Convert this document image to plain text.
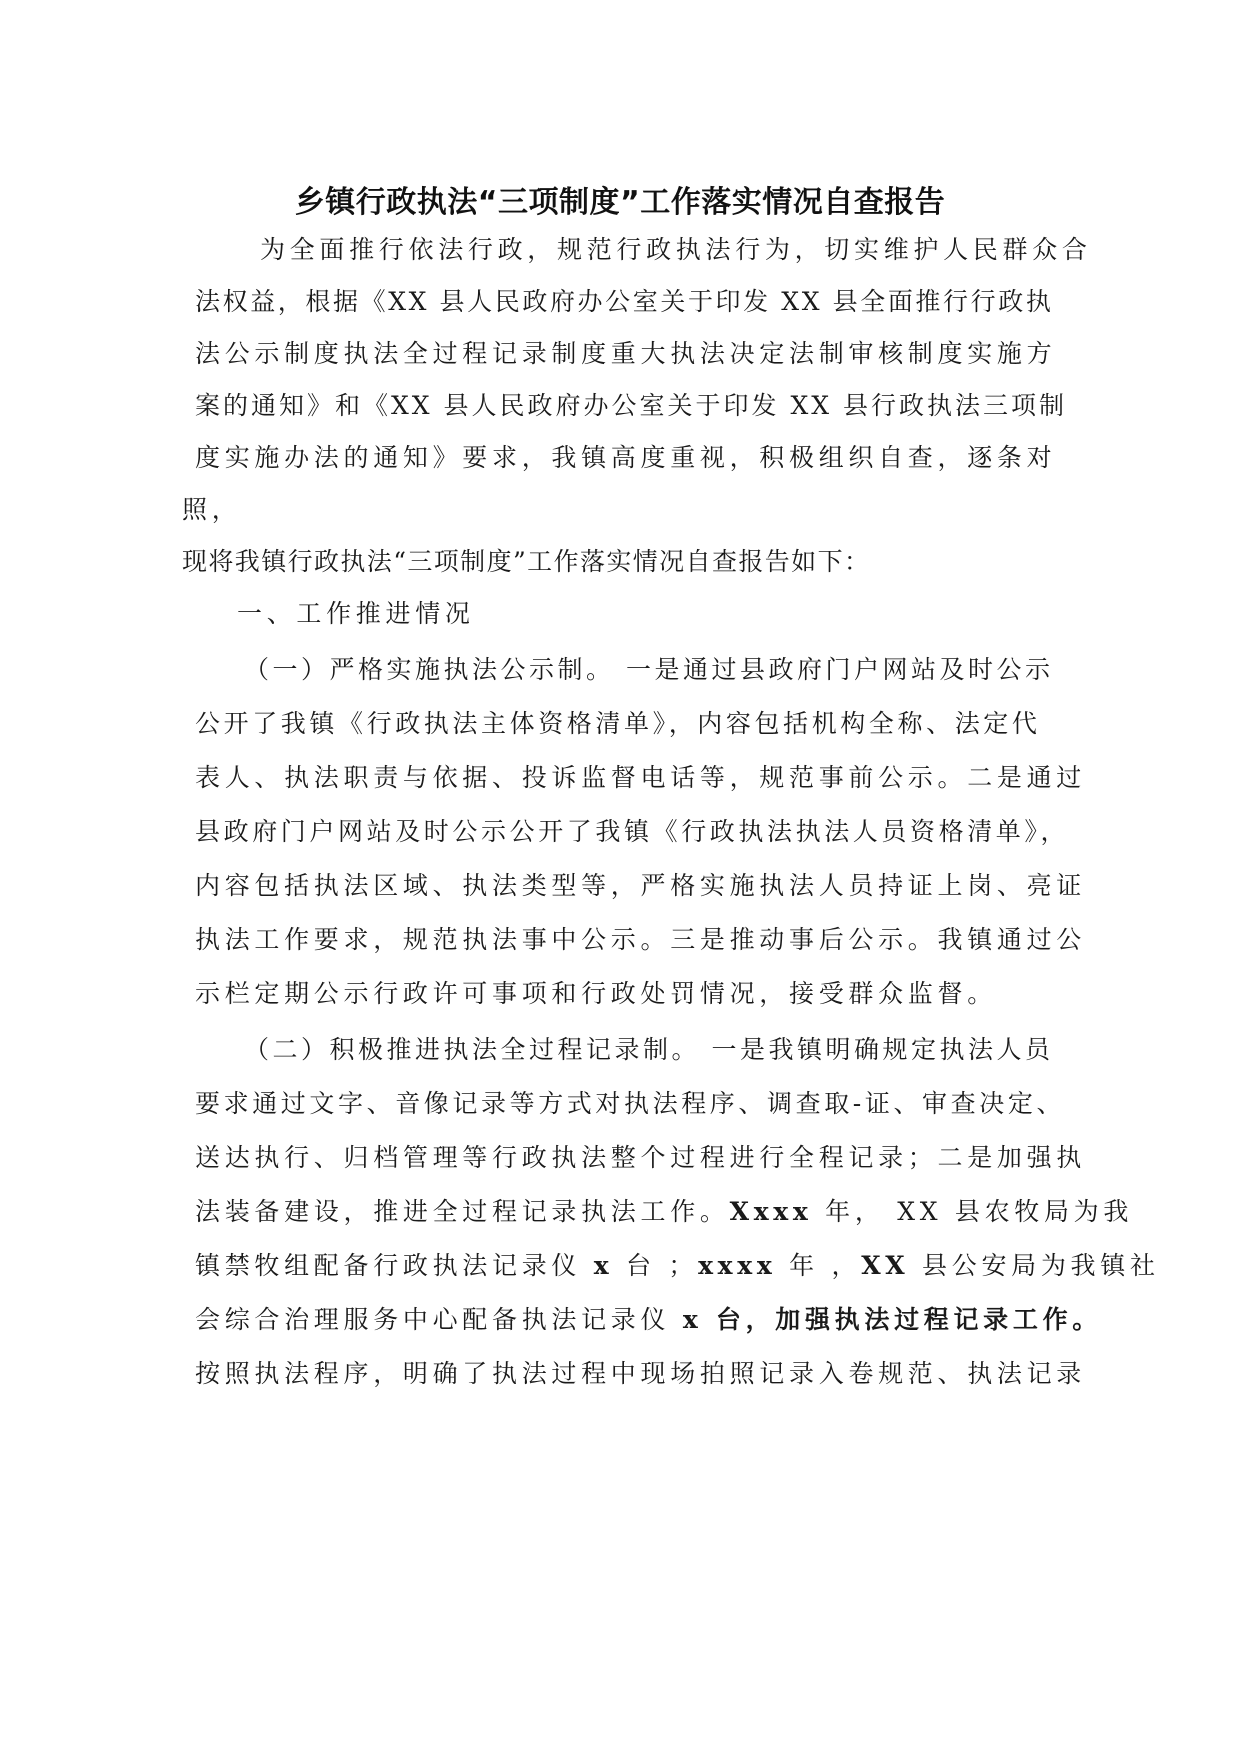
乡镇行政执法“三项制度”工作落实情况自查报告
为全面推行依法行政，规范行政执法行为，切实维护人民群众合
法权益，根据《XX 县人民政府办公室关于印发 XX 县全面推行行政执
法公示制度执法全过程记录制度重大执法决定法制审核制度实施方
案的通知》和《XX 县人民政府办公室关于印发 XX 县行政执法三项制
度实施办法的通知》要求，我镇高度重视，积极组织自查，逐条对
照，
现将我镇行政执法“三项制度”工作落实情况自查报告如下：
一、工作推进情况
（一）严格实施执法公示制。 一是通过县政府门户网站及时公示
公开了我镇《行政执法主体资格清单》，内容包括机构全称、法定代
表人、执法职责与依据、投诉监督电话等，规范事前公示。二是通过
县政府门户网站及时公示公开了我镇《行政执法执法人员资格清单》，
内容包括执法区域、执法类型等，严格实施执法人员持证上岗、亮证
执法工作要求，规范执法事中公示。三是推动事后公示。我镇通过公
示栏定期公示行政许可事项和行政处罚情况，接受群众监督。
（二）积极推进执法全过程记录制。 一是我镇明确规定执法人员
要求通过文字、音像记录等方式对执法程序、调查取-证、审查决定、
送达执行、归档管理等行政执法整个过程进行全程记录；二是加强执
法装备建设，推进全过程记录执法工作。Xxxx 年， XX 县农牧局为我
镇禁牧组配备行政执法记录仪 x 台 ；xxxx 年 ，XX 县公安局为我镇社
会综合治理服务中心配备执法记录仪 x 台，加强执法过程记录工作。
按照执法程序，明确了执法过程中现场拍照记录入卷规范、执法记录
